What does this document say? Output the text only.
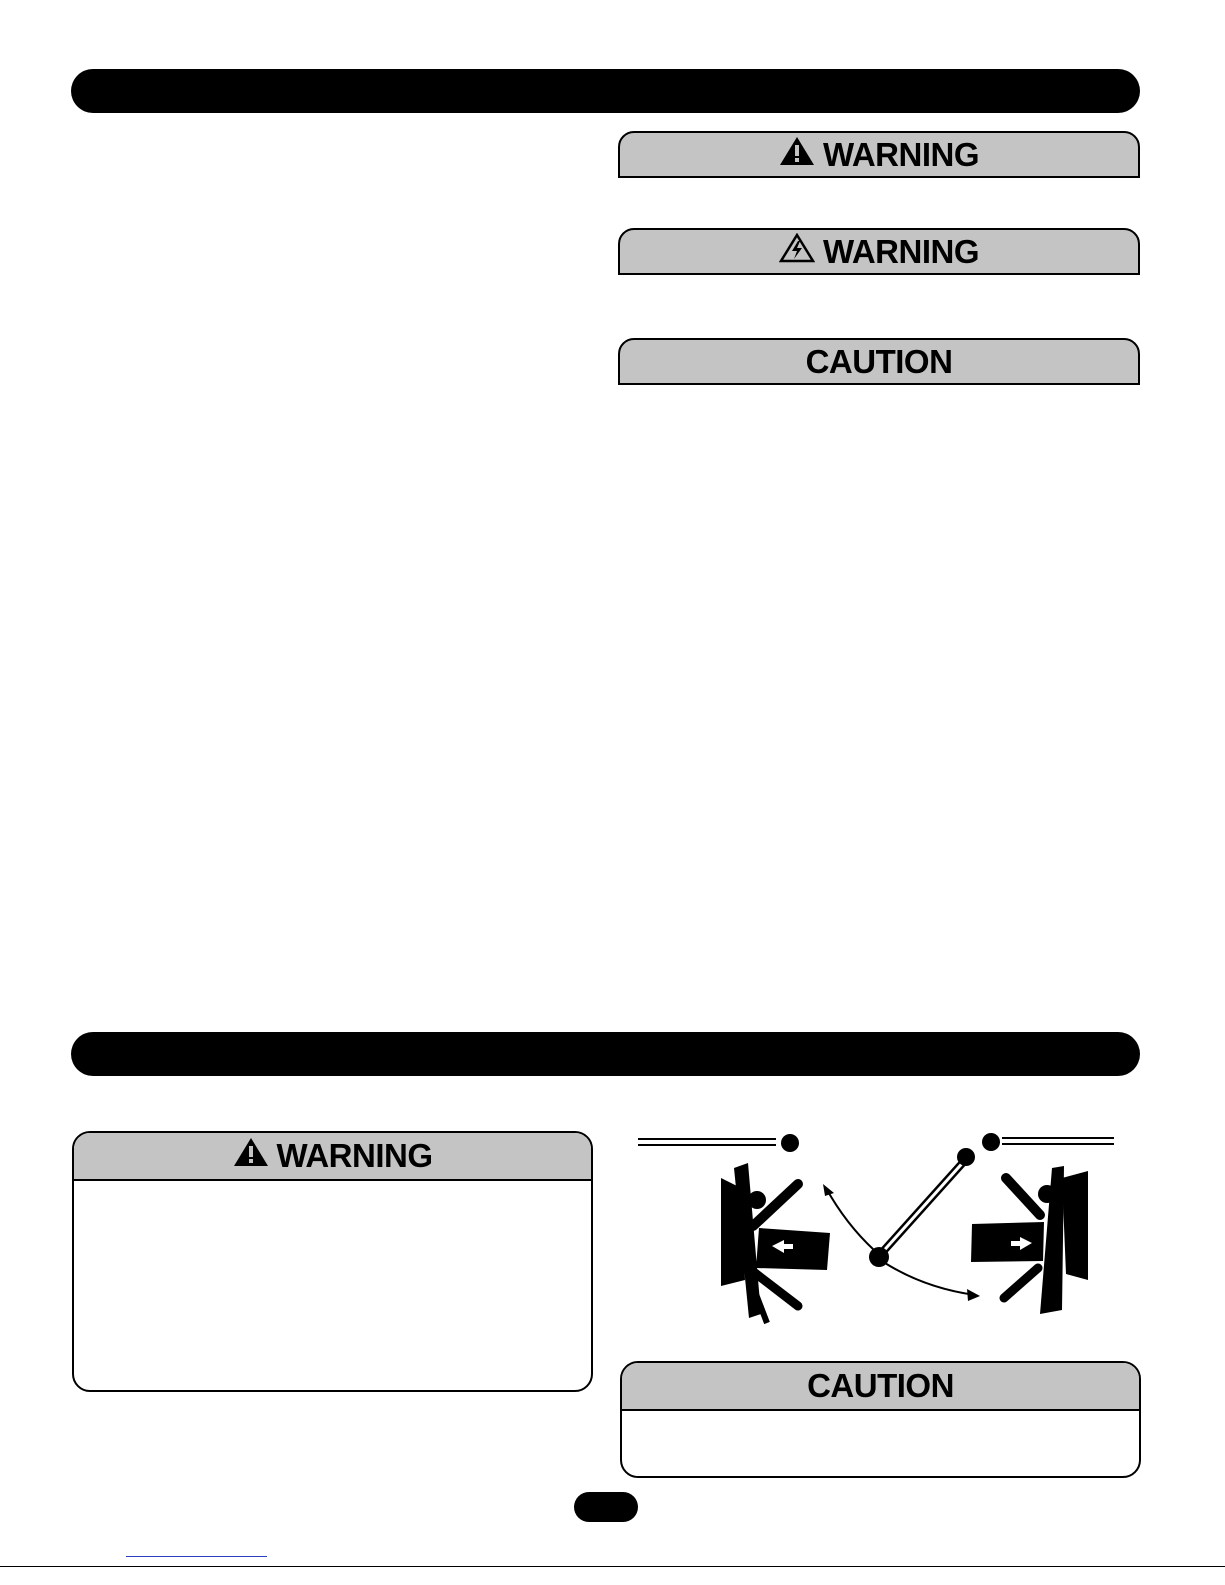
WARNING
WARNING
CAUTION
WARNING
CAUTION
